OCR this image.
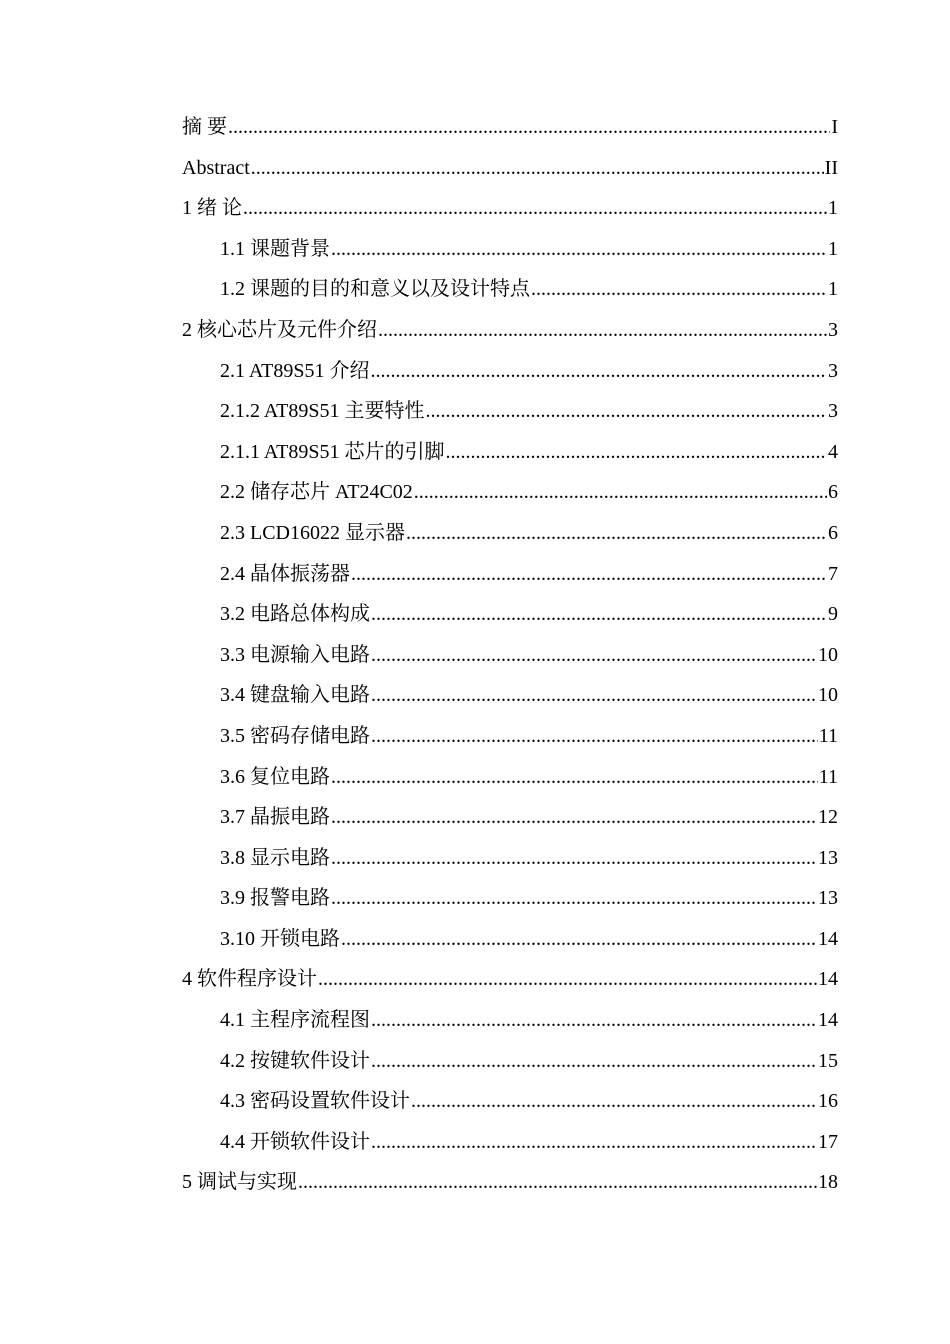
摘 要 .....	I
Abstract .....	II
1 绪 论 .....	1
1.1 课题背景 .....	1
1.2 课题的目的和意义以及设计特点 .....	1
2 核心芯片及元件介绍 .....	3
2.1 AT89S51 介绍 .....	3
2.1.2 AT89S51 主要特性 .....	3
2.1.1 AT89S51 芯片的引脚 .....	4
2.2 储存芯片 AT24C02 .....	6
2.3 LCD16022 显示器 .....	6
2.4 晶体振荡器 .....	7
3.2 电路总体构成 .....	9
3.3 电源输入电路 .....	10
3.4 键盘输入电路 .....	10
3.5 密码存储电路 .....	11
3.6 复位电路 .....	11
3.7 晶振电路 .....	12
3.8 显示电路 .....	13
3.9 报警电路 .....	13
3.10 开锁电路 .....	14
4 软件程序设计 .....	14
4.1 主程序流程图 .....	14
4.2 按键软件设计 .....	15
4.3 密码设置软件设计 .....	16
4.4 开锁软件设计 .....	17
5 调试与实现 .....	18
